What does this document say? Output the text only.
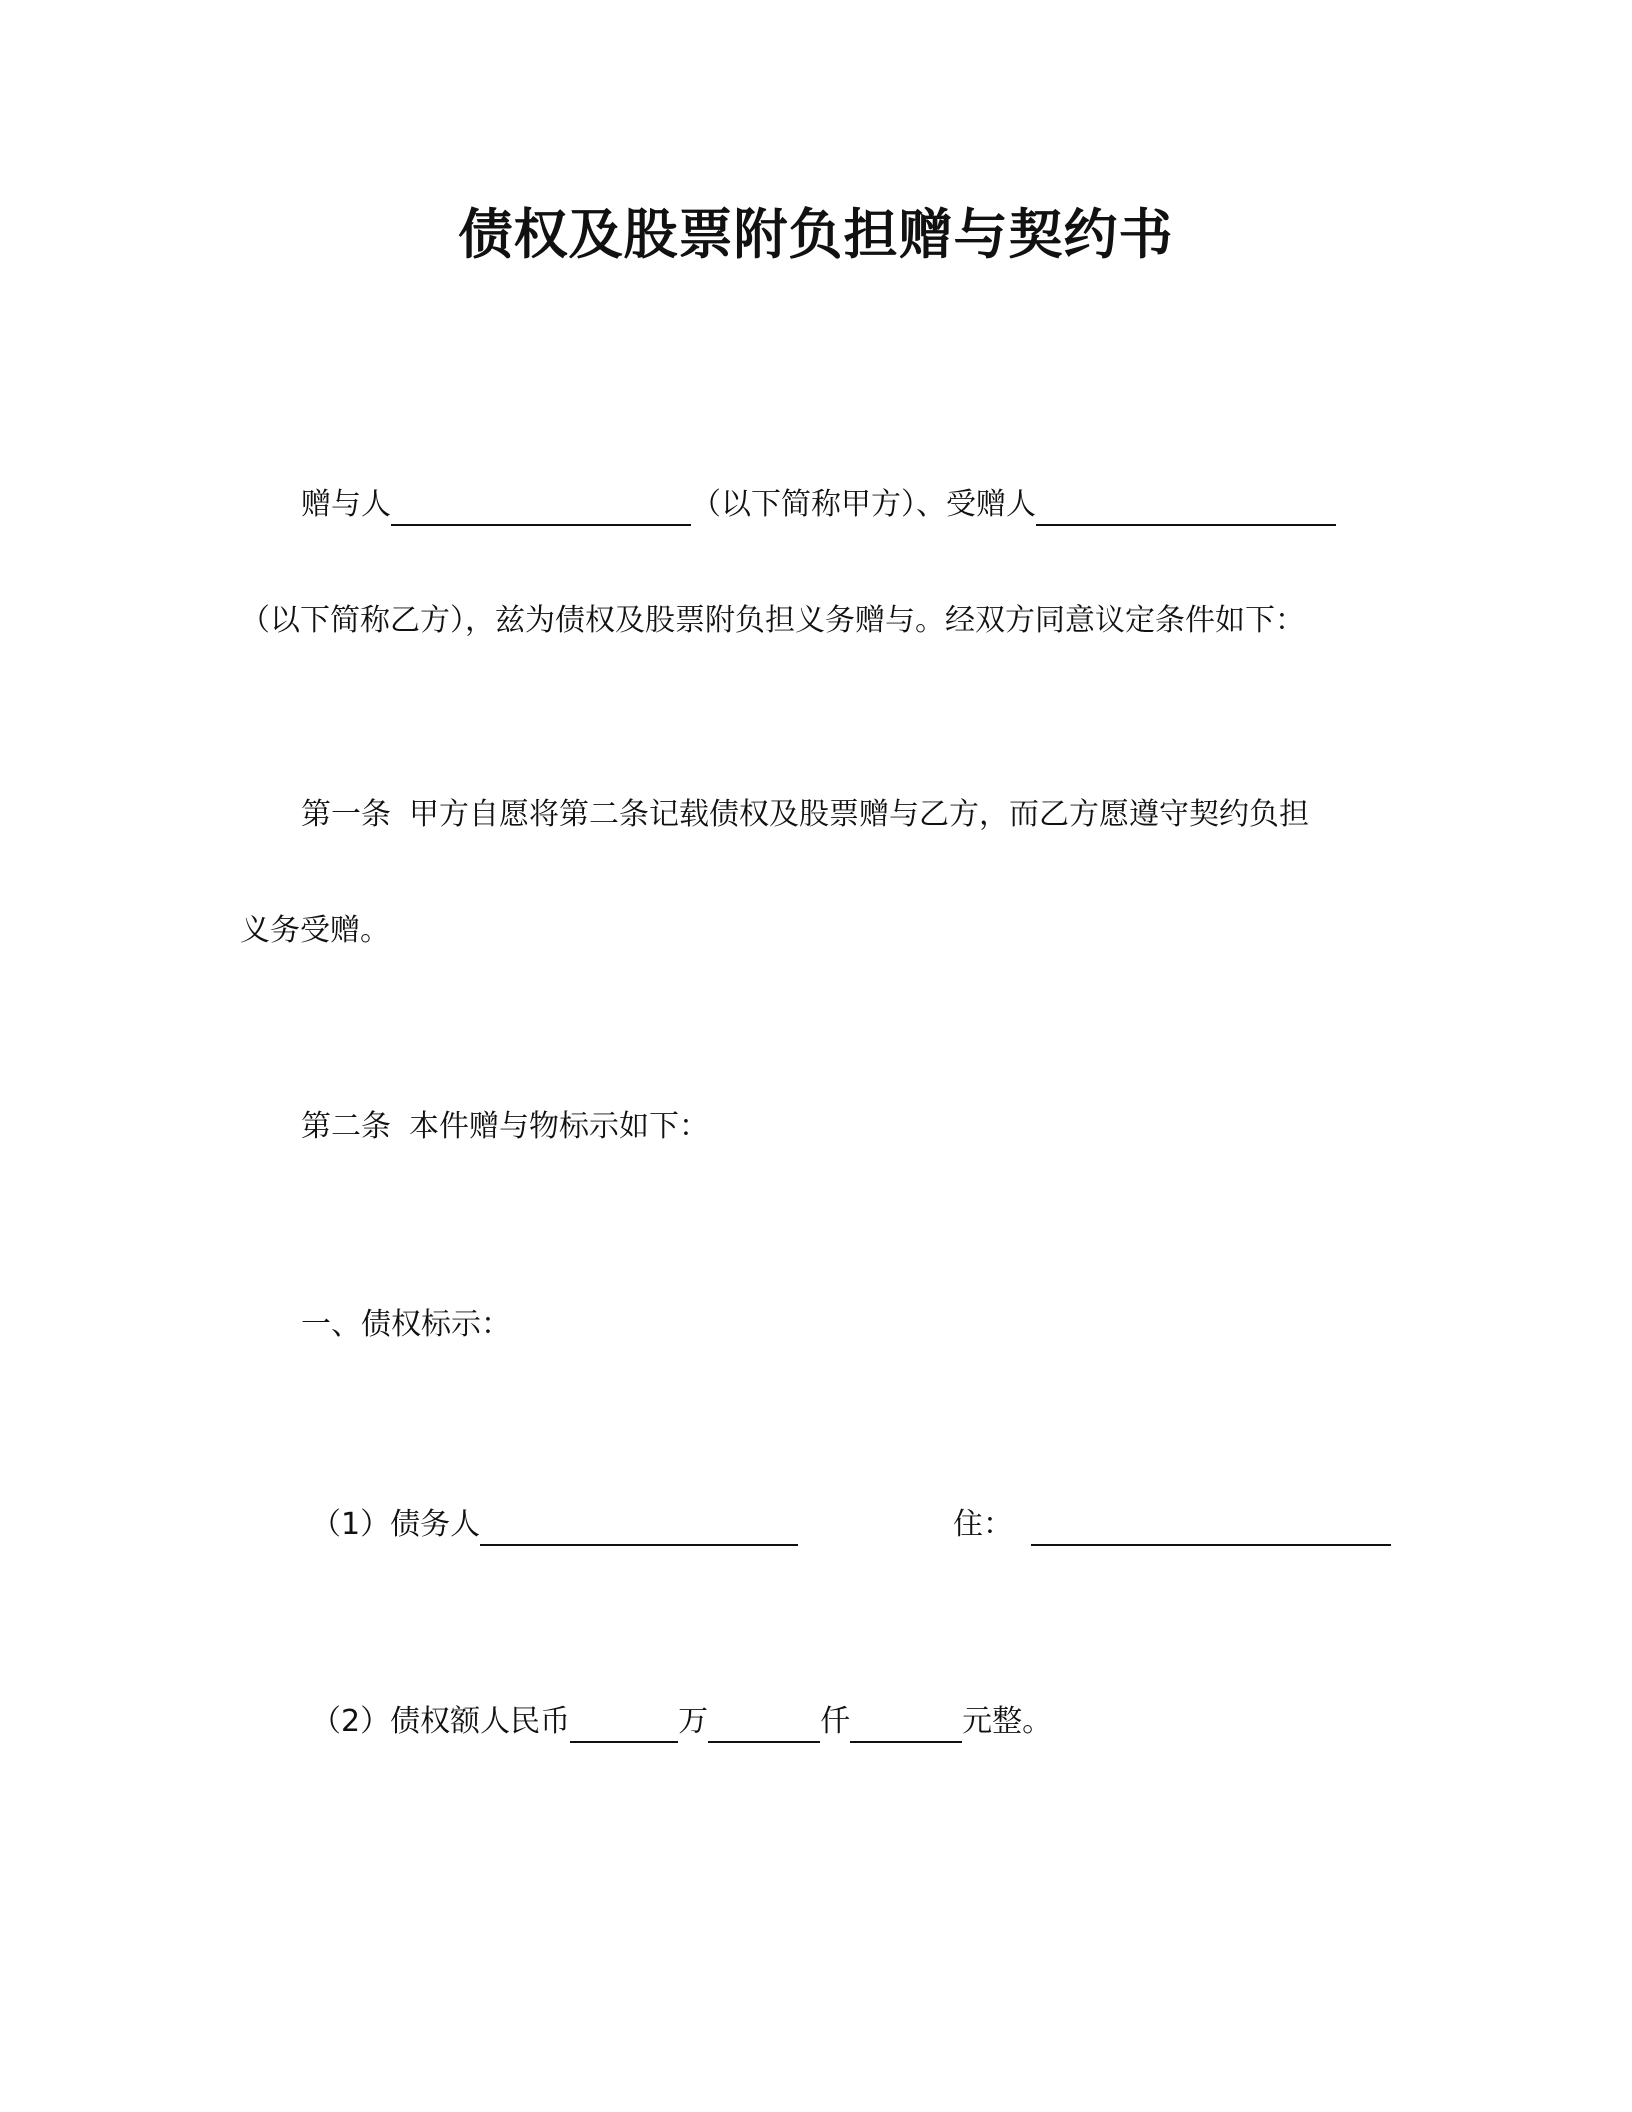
债权及股票附负担赠与契约书
赠与人	（以下简称甲方）、受赠人
（以下简称乙方），兹为债权及股票附负担义务赠与。经双方同意议定条件如下：
第一条 甲方自愿将第二条记载债权及股票赠与乙方，而乙方愿遵守契约负担
义务受赠。
第二条 本件赠与物标示如下：
一、债权标示：
（1）债务人	住：
（2）债权额人民币	万	仟	元整。
